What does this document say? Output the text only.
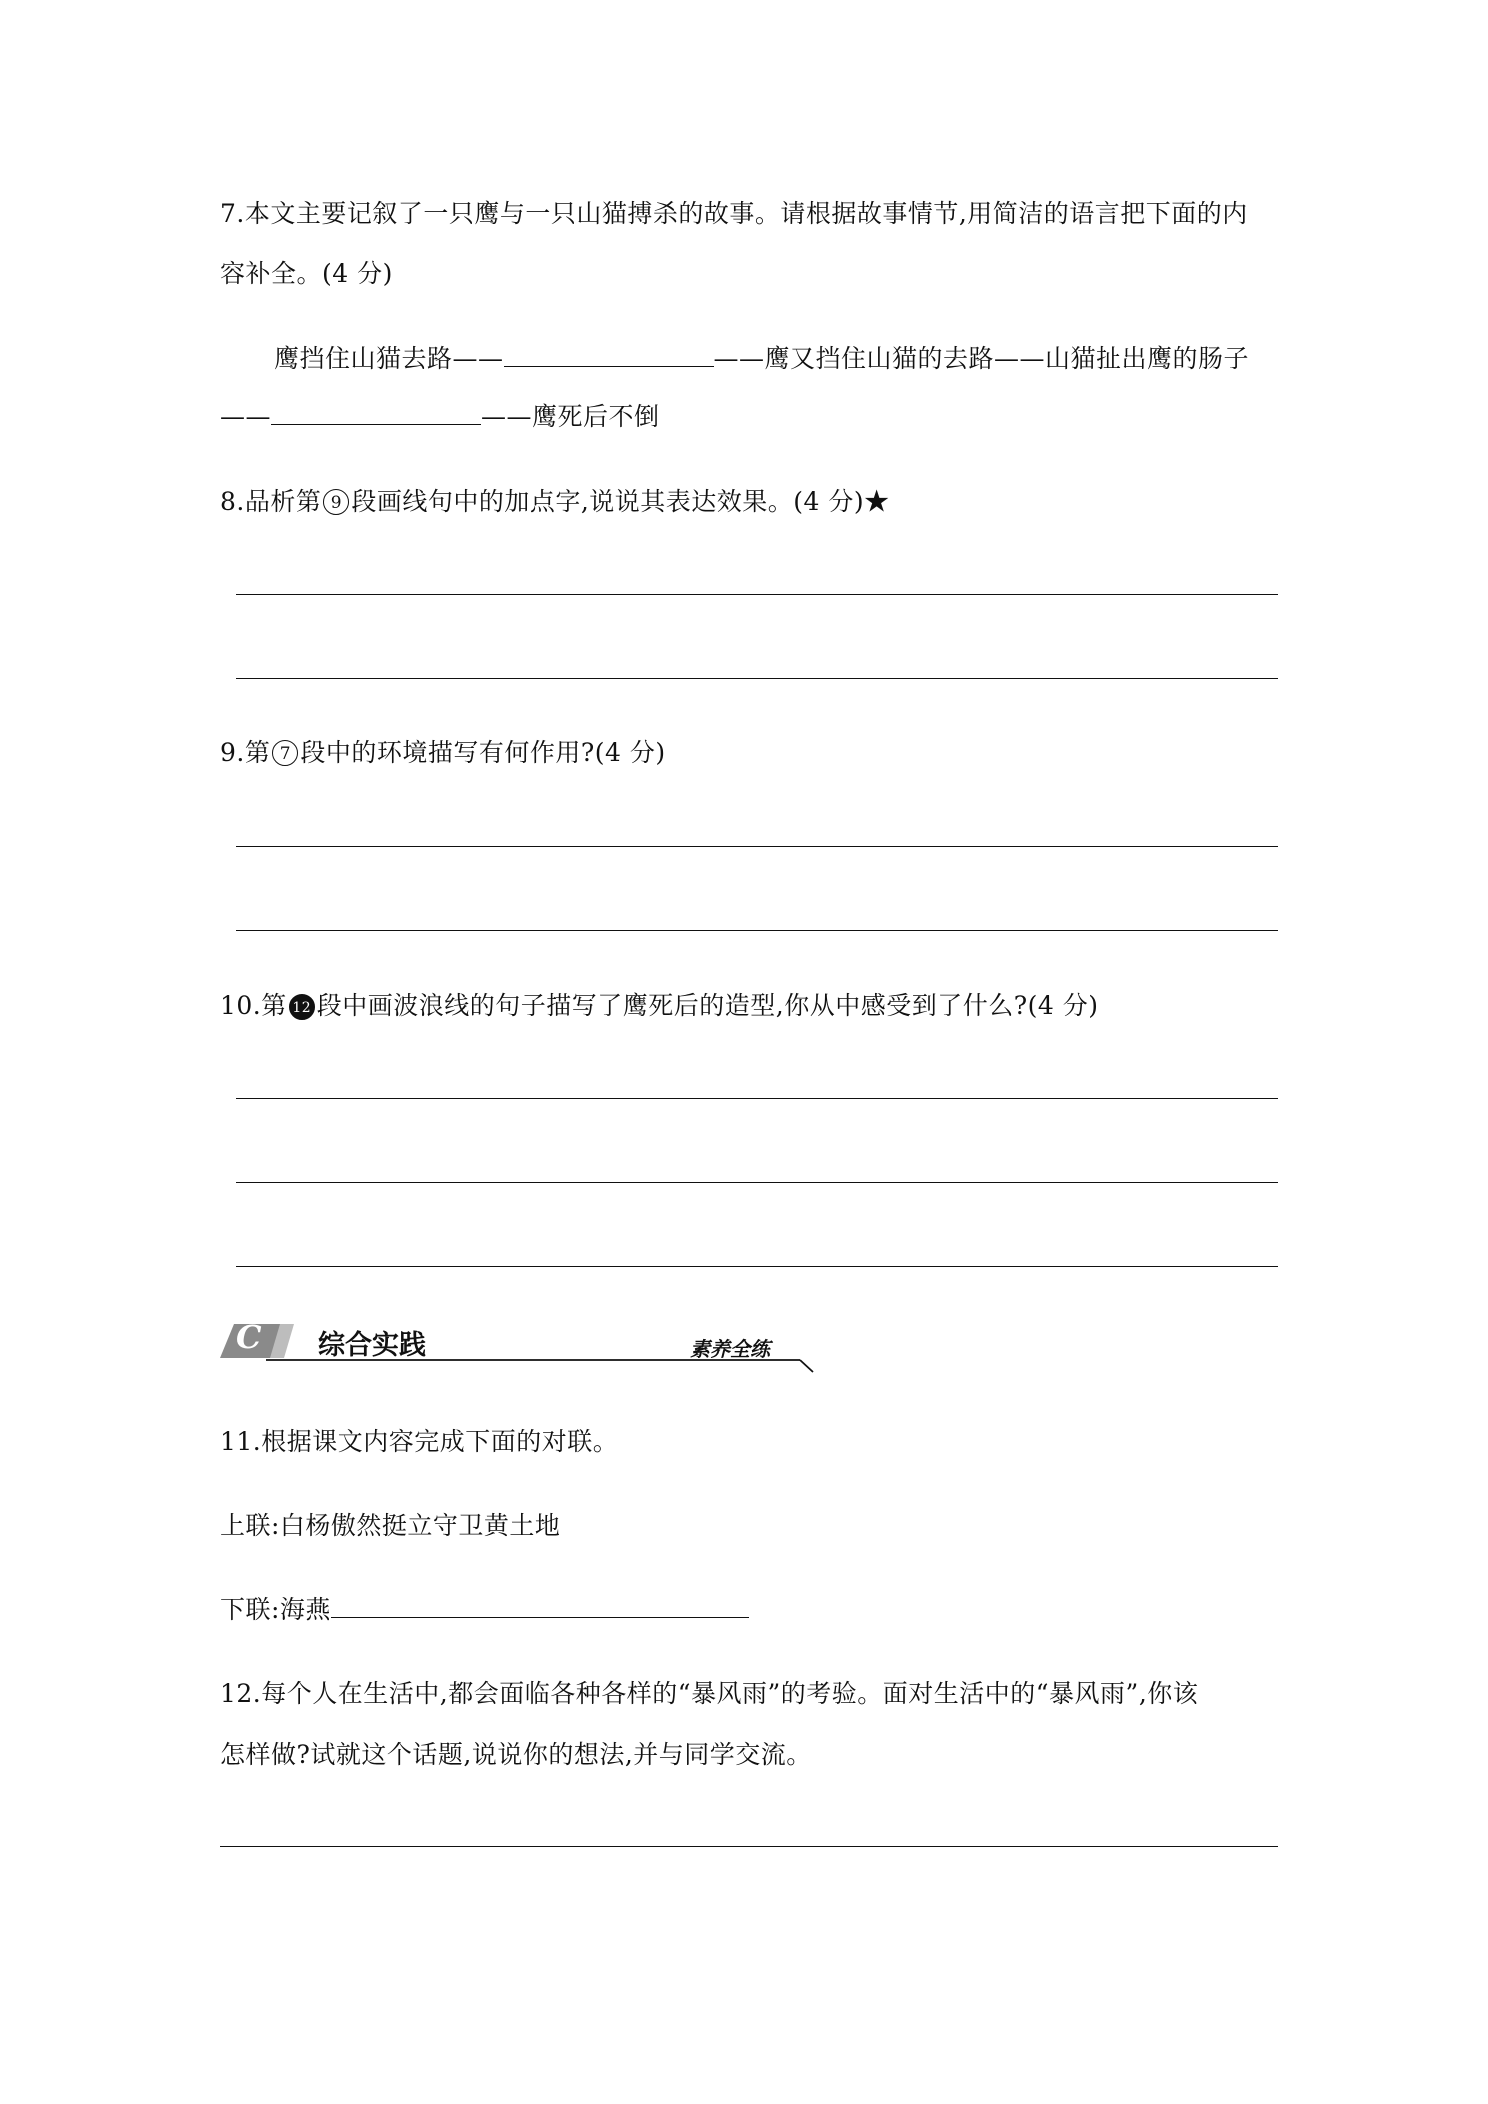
7.本文主要记叙了一只鹰与一只山猫搏杀的故事。请根据故事情节,用简洁的语言把下面的内
容补全。(4 分)
鹰挡住山猫去路——	——鹰又挡住山猫的去路——山猫扯出鹰的肠子
——	——鹰死后不倒
8.品析第 9 段画线句中的加点字,说说其表达效果。(4 分)★
9.第 7 段中的环境描写有何作用?(4 分)
10.第 12 段中画波浪线的句子描写了鹰死后的造型,你从中感受到了什么?(4 分)
C 综合实践	素养全练
11.根据课文内容完成下面的对联。
上联:白杨傲然挺立守卫黄土地
下联:海燕
12.每个人在生活中,都会面临各种各样的“暴风雨”的考验。面对生活中的“暴风雨”,你该
怎样做?试就这个话题,说说你的想法,并与同学交流。
